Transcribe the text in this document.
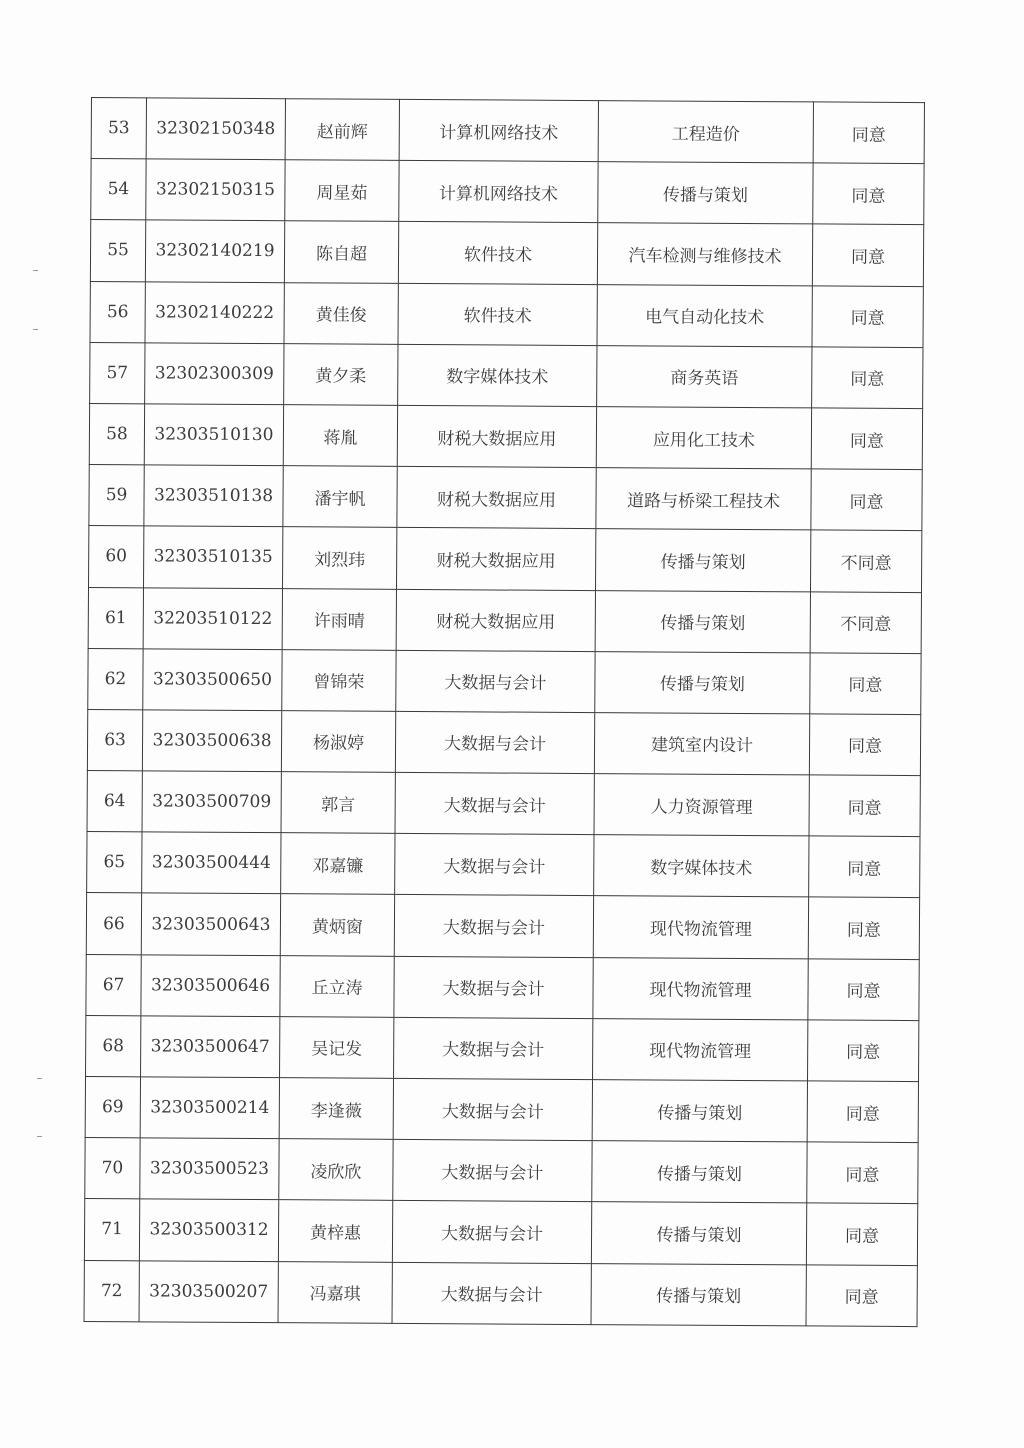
53	32302150348	赵前辉	计算机网络技术	工程造价	同意
54	32302150315	周星茹	计算机网络技术	传播与策划	同意
55	32302140219	陈自超	软件技术	汽车检测与维修技术	同意
56	32302140222	黄佳俊	软件技术	电气自动化技术	同意
57	32302300309	黄夕柔	数字媒体技术	商务英语	同意
58	32303510130	蒋胤	财税大数据应用	应用化工技术	同意
59	32303510138	潘宇帆	财税大数据应用	道路与桥梁工程技术	同意
60	32303510135	刘烈玮	财税大数据应用	传播与策划	不同意
61	32203510122	许雨晴	财税大数据应用	传播与策划	不同意
62	32303500650	曾锦荣	大数据与会计	传播与策划	同意
63	32303500638	杨淑婷	大数据与会计	建筑室内设计	同意
64	32303500709	郭言	大数据与会计	人力资源管理	同意
65	32303500444	邓嘉镰	大数据与会计	数字媒体技术	同意
66	32303500643	黄炳窗	大数据与会计	现代物流管理	同意
67	32303500646	丘立涛	大数据与会计	现代物流管理	同意
68	32303500647	吴记发	大数据与会计	现代物流管理	同意
69	32303500214	李逢薇	大数据与会计	传播与策划	同意
70	32303500523	凌欣欣	大数据与会计	传播与策划	同意
71	32303500312	黄梓惠	大数据与会计	传播与策划	同意
72	32303500207	冯嘉琪	大数据与会计	传播与策划	同意
